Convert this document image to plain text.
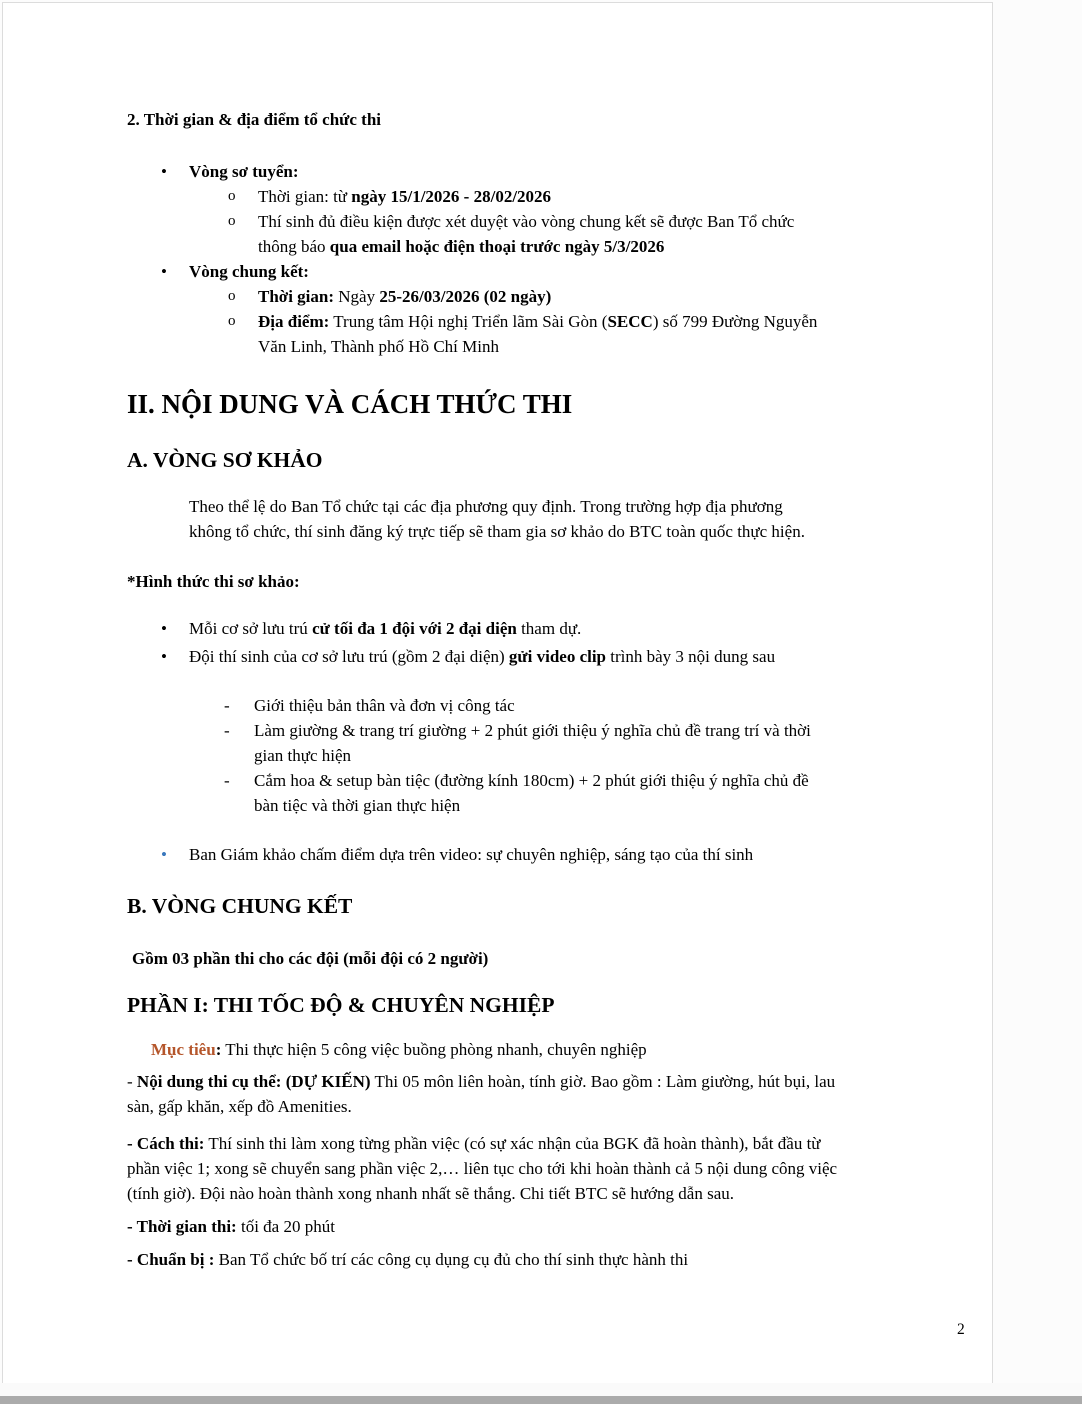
2. Thời gian & địa điểm tổ chức thi
•	Vòng sơ tuyển:
o	Thời gian: từ ngày 15/1/2026 - 28/02/2026
o	Thí sinh đủ điều kiện được xét duyệt vào vòng chung kết sẽ được Ban Tổ chức
thông báo qua email hoặc điện thoại trước ngày 5/3/2026
•	Vòng chung kết:
o	Thời gian: Ngày 25-26/03/2026 (02 ngày)
o	Địa điểm: Trung tâm Hội nghị Triển lãm Sài Gòn (SECC) số 799 Đường Nguyễn
Văn Linh, Thành phố Hồ Chí Minh
II. NỘI DUNG VÀ CÁCH THỨC THI
A. VÒNG SƠ KHẢO
Theo thể lệ do Ban Tổ chức tại các địa phương quy định. Trong trường hợp địa phương
không tổ chức, thí sinh đăng ký trực tiếp sẽ tham gia sơ khảo do BTC toàn quốc thực hiện.
*Hình thức thi sơ khảo:
•	Mỗi cơ sở lưu trú cử tối đa 1 đội với 2 đại diện tham dự.
•	Đội thí sinh của cơ sở lưu trú (gồm 2 đại diện) gửi video clip trình bày 3 nội dung sau
-	Giới thiệu bản thân và đơn vị công tác
-	Làm giường & trang trí giường + 2 phút giới thiệu ý nghĩa chủ đề trang trí và thời
gian thực hiện
-	Cắm hoa & setup bàn tiệc (đường kính 180cm) + 2 phút giới thiệu ý nghĩa chủ đề
bàn tiệc và thời gian thực hiện
•	Ban Giám khảo chấm điểm dựa trên video: sự chuyên nghiệp, sáng tạo của thí sinh
B. VÒNG CHUNG KẾT
Gồm 03 phần thi cho các đội (mỗi đội có 2 người)
PHẦN I: THI TỐC ĐỘ & CHUYÊN NGHIỆP
Mục tiêu: Thi thực hiện 5 công việc buồng phòng nhanh, chuyên nghiệp
- Nội dung thi cụ thể: (DỰ KIẾN) Thi 05 môn liên hoàn, tính giờ. Bao gồm : Làm giường, hút bụi, lau
sàn, gấp khăn, xếp đồ Amenities.
- Cách thi: Thí sinh thi làm xong từng phần việc (có sự xác nhận của BGK đã hoàn thành), bắt đầu từ
phần việc 1; xong sẽ chuyển sang phần việc 2,… liên tục cho tới khi hoàn thành cả 5 nội dung công việc
(tính giờ). Đội nào hoàn thành xong nhanh nhất sẽ thắng. Chi tiết BTC sẽ hướng dẫn sau.
- Thời gian thi: tối đa 20 phút
- Chuẩn bị : Ban Tổ chức bố trí các công cụ dụng cụ đủ cho thí sinh thực hành thi
2
